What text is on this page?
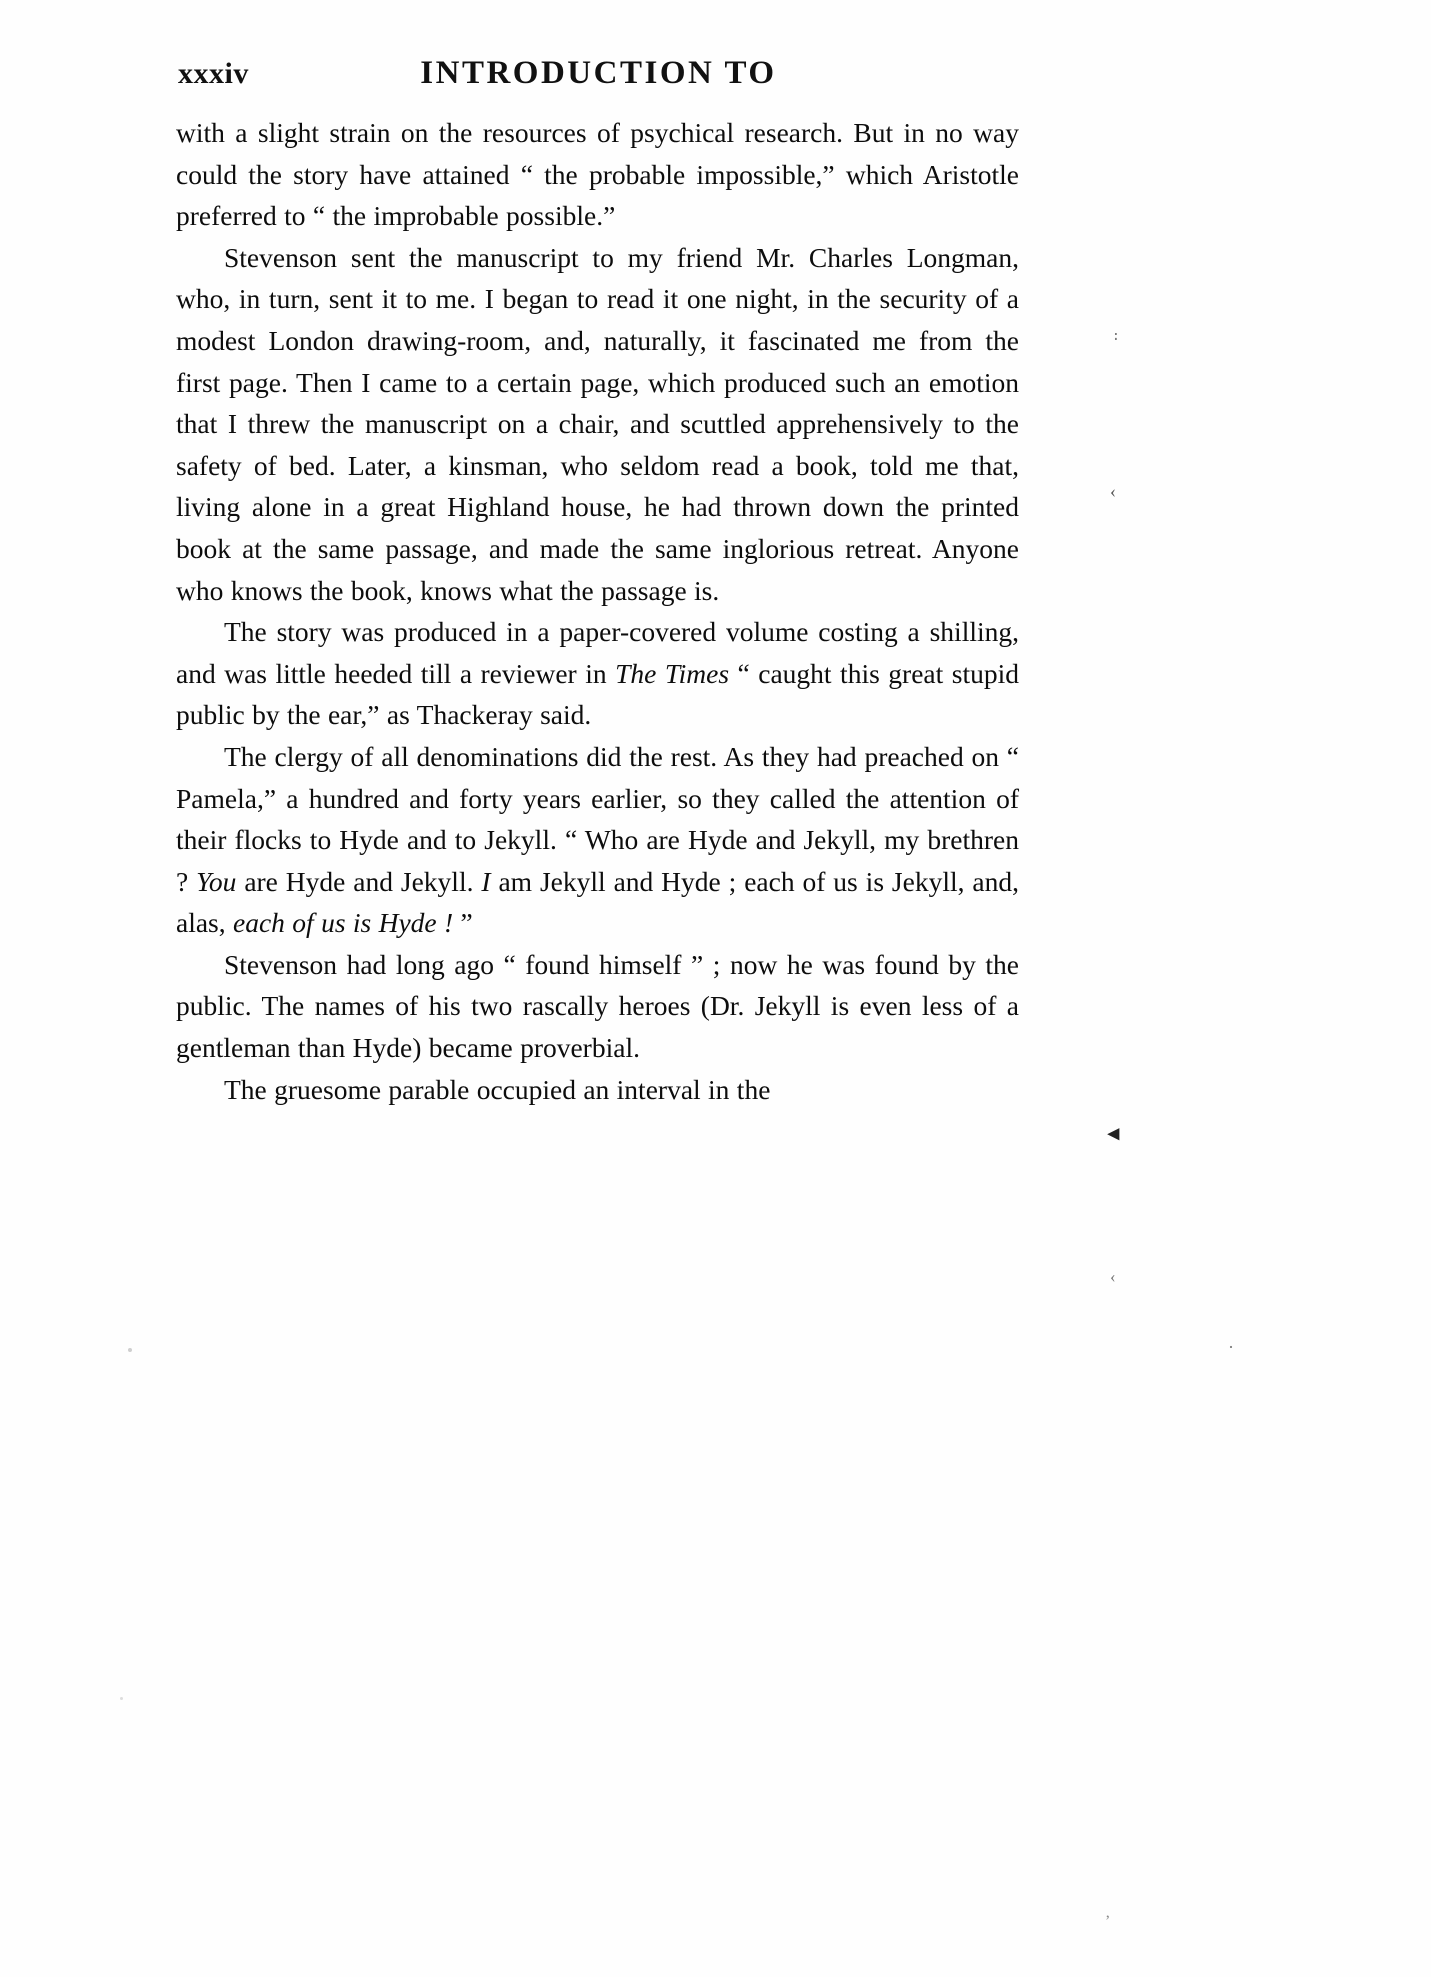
xxxiv	INTRODUCTION TO

with a slight strain on the resources of psychical research. But in no way could the story have attained “ the probable impossible,” which Aristotle preferred to “ the improbable possible.”

Stevenson sent the manuscript to my friend Mr. Charles Longman, who, in turn, sent it to me. I began to read it one night, in the security of a modest London drawing-room, and, naturally, it fascinated me from the first page. Then I came to a certain page, which produced such an emotion that I threw the manuscript on a chair, and scuttled apprehensively to the safety of bed. Later, a kinsman, who seldom read a book, told me that, living alone in a great Highland house, he had thrown down the printed book at the same passage, and made the same inglorious retreat. Anyone who knows the book, knows what the passage is.

The story was produced in a paper-covered volume costing a shilling, and was little heeded till a reviewer in The Times “ caught this great stupid public by the ear,” as Thackeray said.

The clergy of all denominations did the rest. As they had preached on “ Pamela,” a hundred and forty years earlier, so they called the attention of their flocks to Hyde and to Jekyll. “ Who are Hyde and Jekyll, my brethren ? You are Hyde and Jekyll. I am Jekyll and Hyde ; each of us is Jekyll, and, alas, each of us is Hyde ! ”

Stevenson had long ago “ found himself ” ; now he was found by the public. The names of his two rascally heroes (Dr. Jekyll is even less of a gentleman than Hyde) became proverbial.

The gruesome parable occupied an interval in the

։
‹
◂
‹
·
’
